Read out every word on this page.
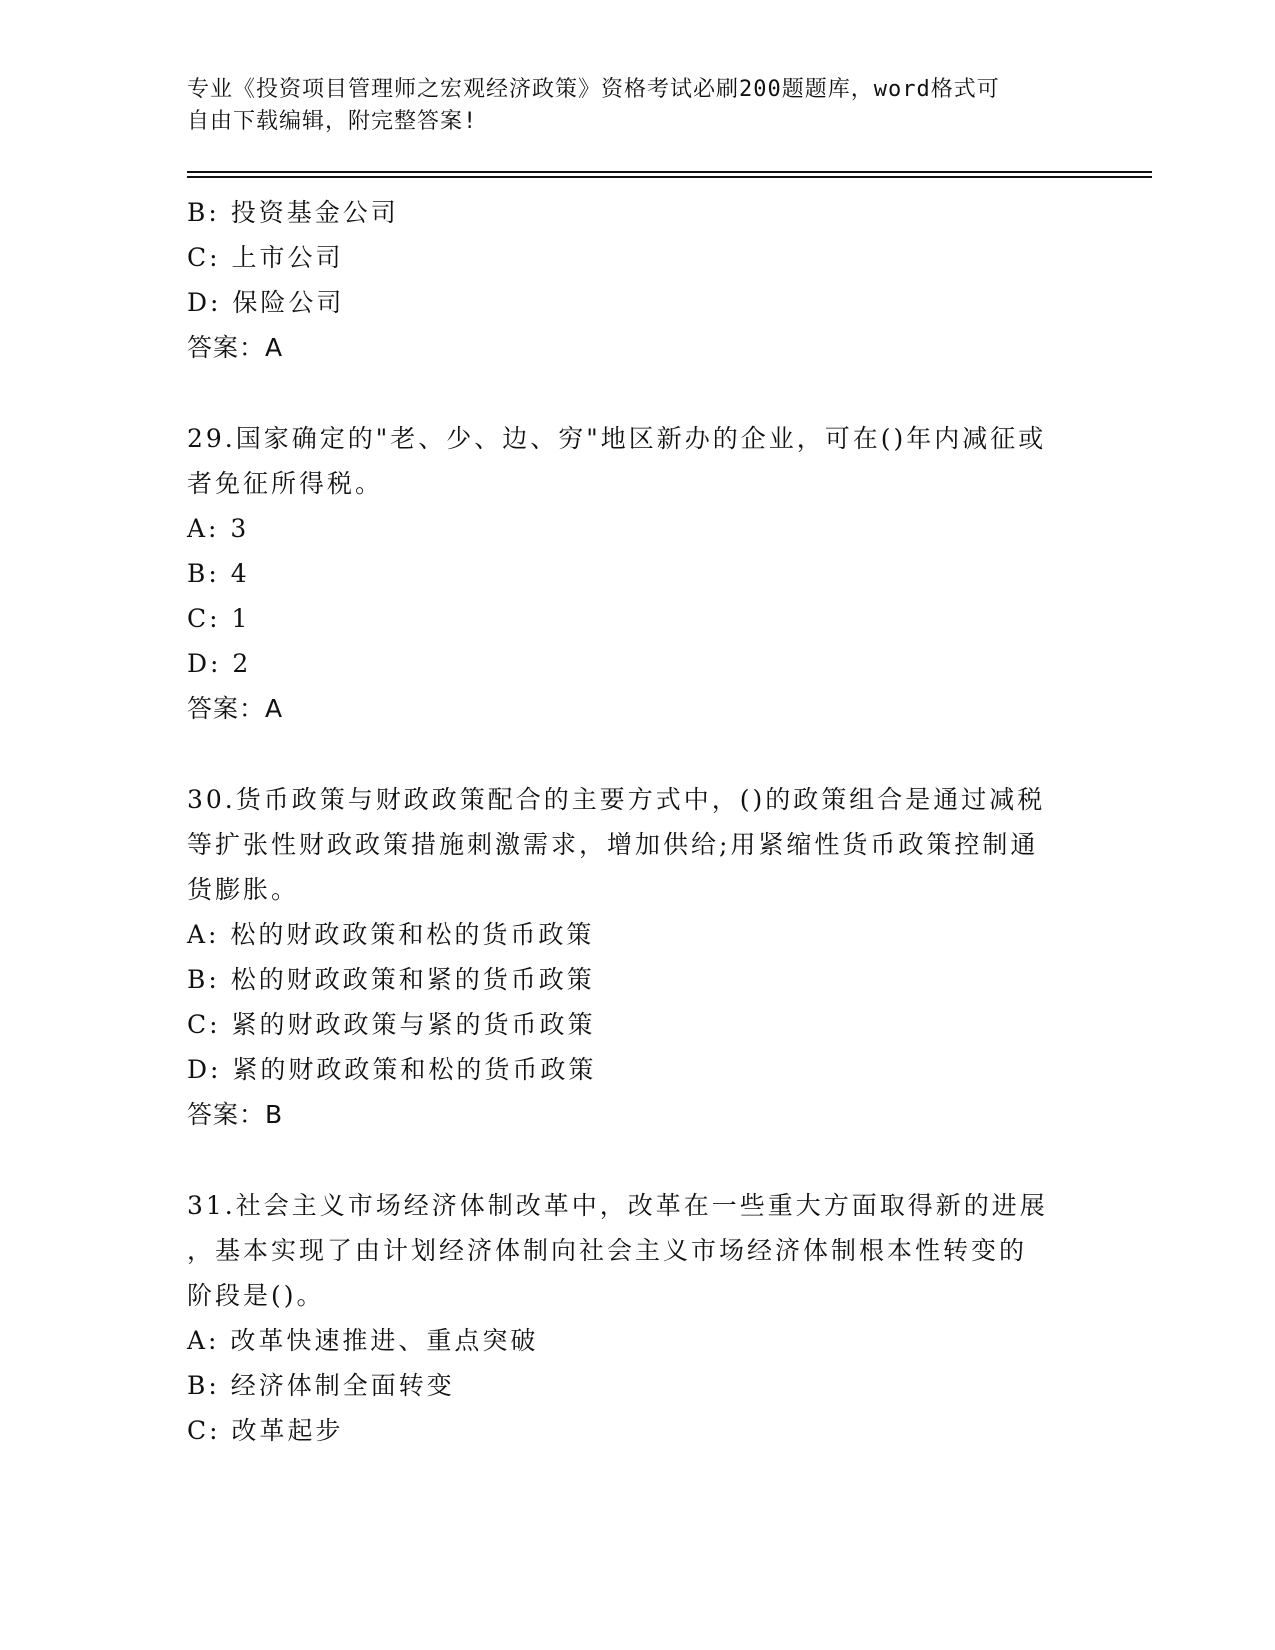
专业《投资项目管理师之宏观经济政策》资格考试必刷200题题库，word格式可
自由下载编辑，附完整答案!
B: 投资基金公司
C: 上市公司
D: 保险公司
答案：A
29.国家确定的"老、少、边、穷"地区新办的企业，可在()年内减征或
者免征所得税。
A: 3
B: 4
C: 1
D: 2
答案：A
30.货币政策与财政政策配合的主要方式中，()的政策组合是通过减税
等扩张性财政政策措施刺激需求，增加供给;用紧缩性货币政策控制通
货膨胀。
A: 松的财政政策和松的货币政策
B: 松的财政政策和紧的货币政策
C: 紧的财政政策与紧的货币政策
D: 紧的财政政策和松的货币政策
答案：B
31.社会主义市场经济体制改革中，改革在一些重大方面取得新的进展
，基本实现了由计划经济体制向社会主义市场经济体制根本性转变的
阶段是()。
A: 改革快速推进、重点突破
B: 经济体制全面转变
C: 改革起步
